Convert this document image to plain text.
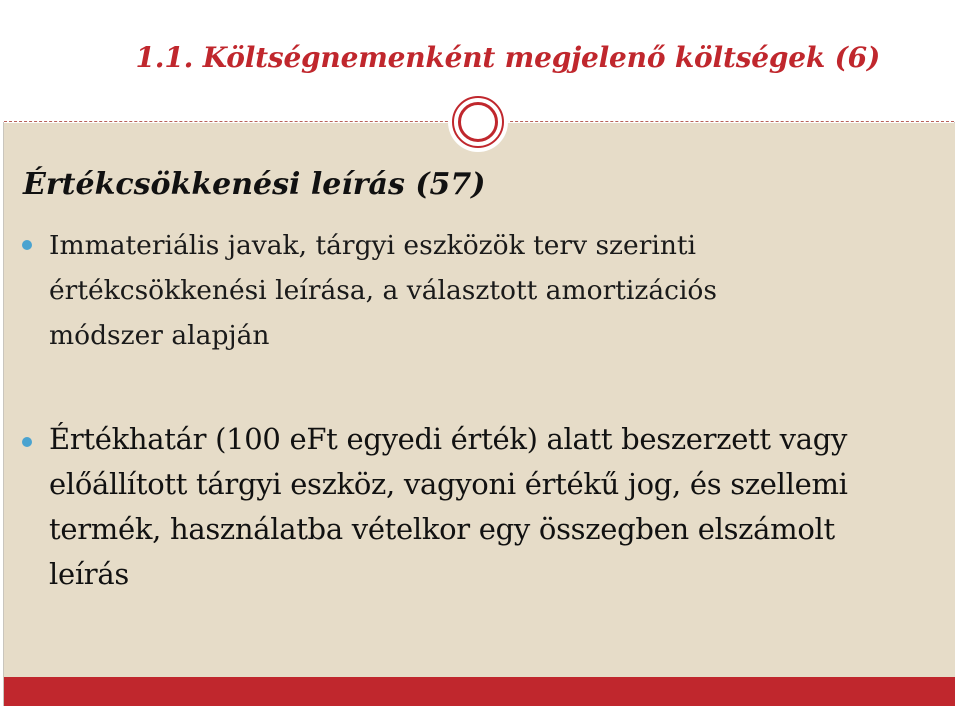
1.1. Költségnemenként megjelenő költségek (6)
Értékcsökkenési leírás (57)

Immateriális javak, tárgyi eszközök terv szerinti
értékcsökkenési leírása, a választott amortizációs
módszer alapján

Értékhatár (100 eFt egyedi érték) alatt beszerzett vagy
előállított tárgyi eszköz, vagyoni értékű jog, és szellemi
termék, használatba vételkor egy összegben elszámolt
leírás
